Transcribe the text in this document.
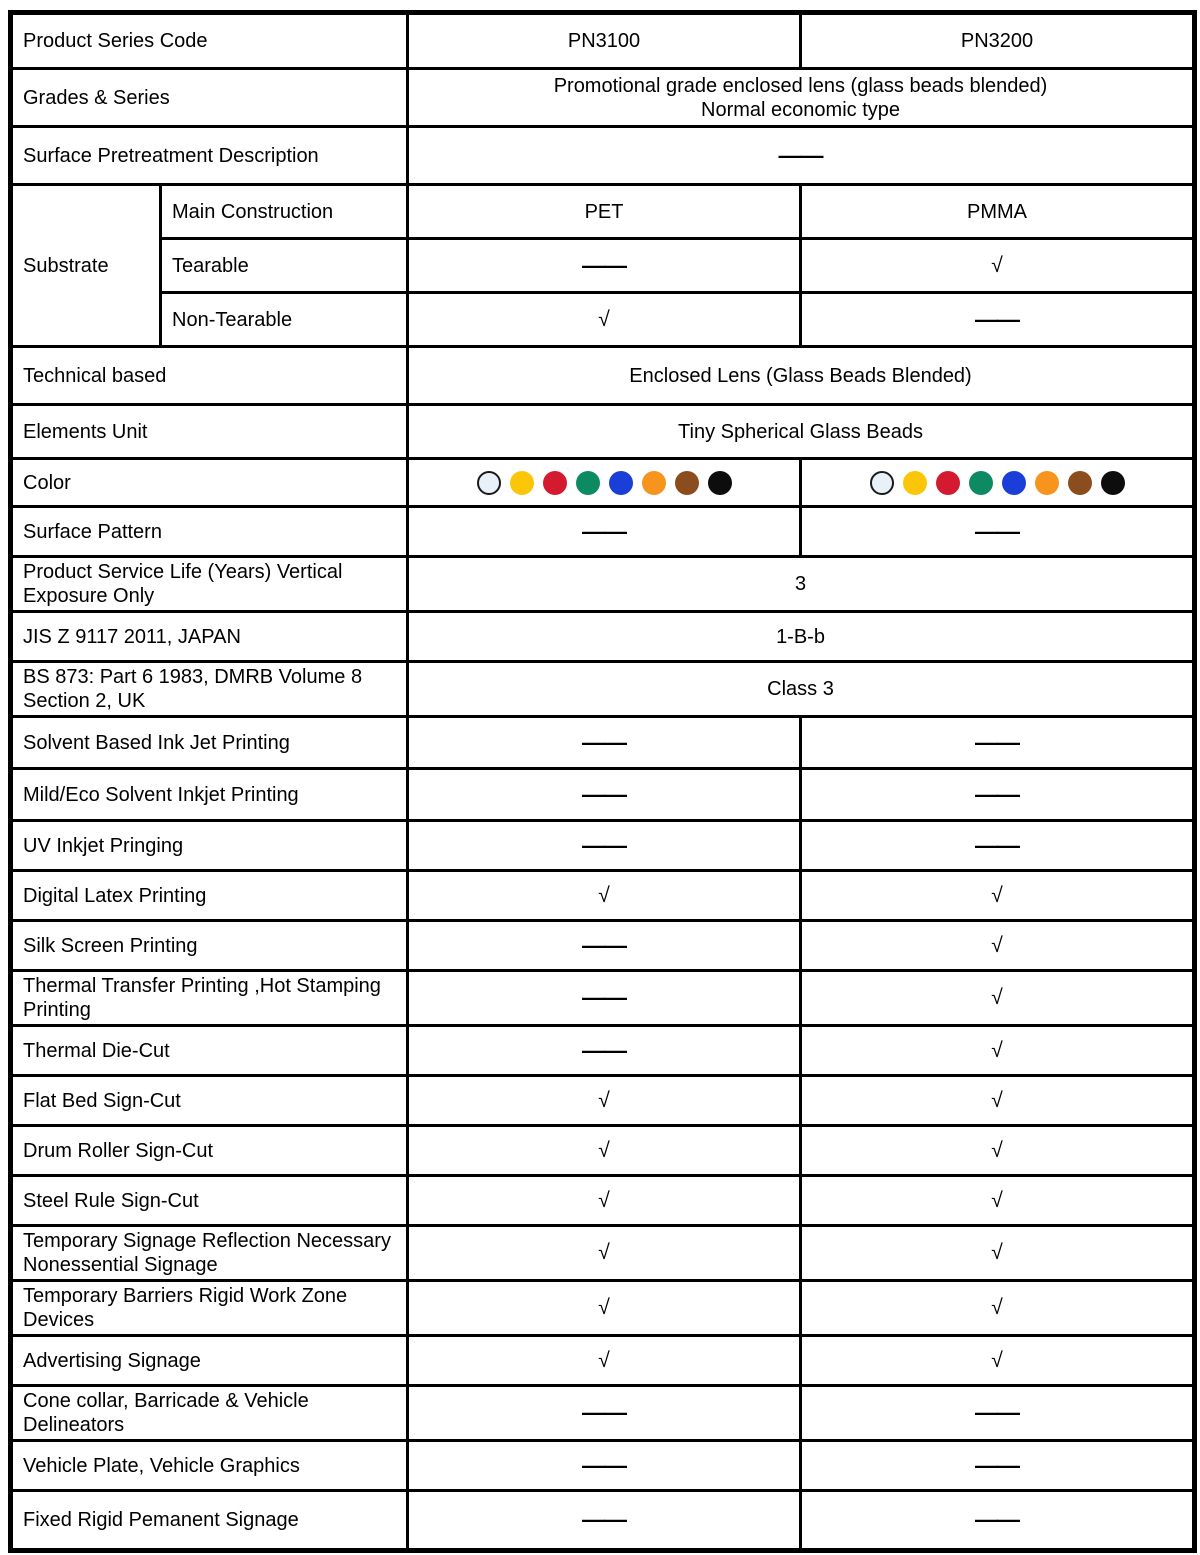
Product Series Code		PN3100	PN3200
Grades & Series		Promotional grade enclosed lens (glass beads blended)
Normal economic type	

Surface Pretreatment Description		——	
Substrate	Main Construction	PET	PMMA
	Tearable	——	√
	Non-Tearable	√	——
Technical based		Enclosed Lens (Glass Beads Blended)	
Elements Unit		Tiny Spherical Glass Beads	
Color		

Surface Pattern		——	——
Product Service Life (Years) Vertical Exposure Only		3	
JIS Z 9117 2011, JAPAN		1-B-b	
BS 873: Part 6 1983, DMRB Volume 8 Section 2, UK		Class 3	
Solvent Based Ink Jet Printing		——	——
Mild/Eco Solvent Inkjet Printing		——	——
UV Inkjet Pringing		——	——
Digital Latex Printing		√	√
Silk Screen Printing		——	√
Thermal Transfer Printing ,Hot Stamping Printing		——	√
Thermal Die-Cut		——	√
Flat Bed Sign-Cut		√	√
Drum Roller Sign-Cut		√	√
Steel Rule Sign-Cut		√	√
Temporary Signage Reflection Necessary Nonessential Signage		√	√
Temporary Barriers Rigid Work Zone Devices		√	√
Advertising Signage		√	√
Cone collar, Barricade & Vehicle Delineators		——	——
Vehicle Plate, Vehicle Graphics		——	——
Fixed Rigid Pemanent Signage		——	——
